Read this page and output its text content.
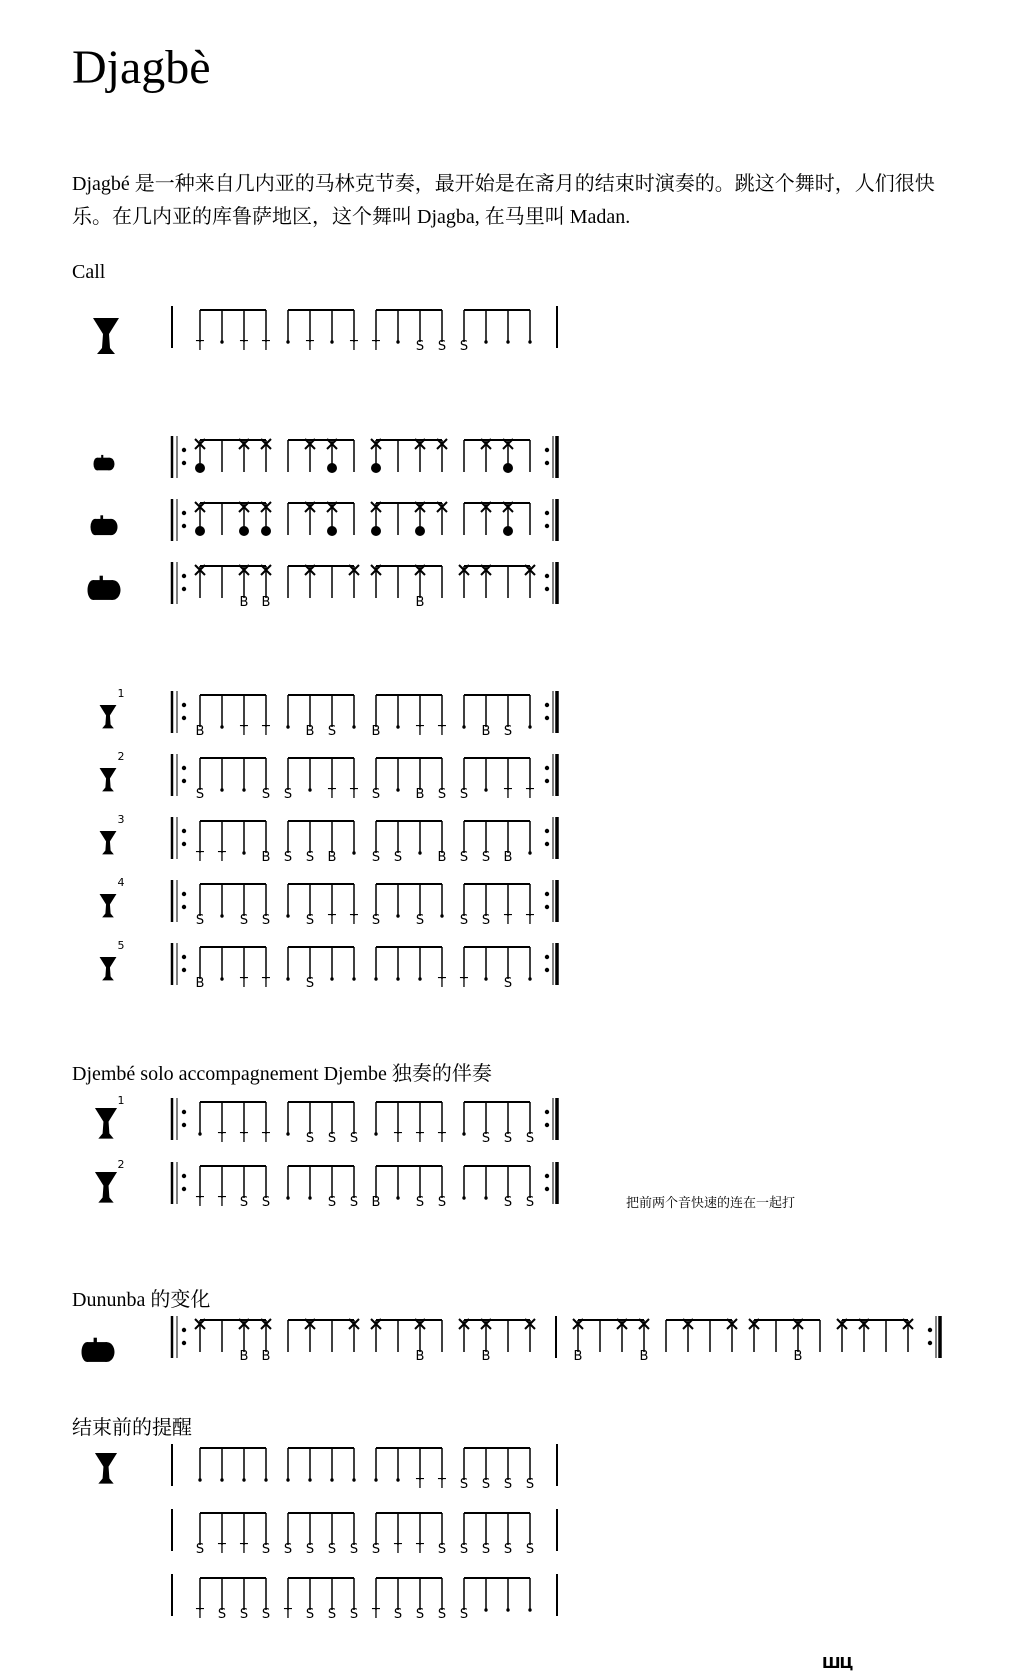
Djagbè
Djagbé 是一种来自几内亚的马林克节奏，最开始是在斋月的结束时演奏的。跳这个舞时，人们很快乐。在几内亚的库鲁萨地区，这个舞叫 Djagba, 在马里叫 Madan.
Call
Djembé solo accompagnement Djembe 独奏的伴奏
Dununba 的变化
结束前的提醒
把前两个音快速的连在一起打
ШЦ
T	T T	T	T T	S S S
B B	B
1
B	T T	B S	B	T T	B S
2
S	S S	T T S	B S S	T T
3
T T	B S S B	S S	B S S B
4
S	S S	S T T S	S	S S T T
5
B	T T	S	T T	S
1
T T T	S S S	T T T	S S S
2
T T S S	S S B	S S	S S
B B	B	B	B	B	B
T T S S S S
S T T S S S S S S T T S S S S S
T S S S T S S S T S S S S
